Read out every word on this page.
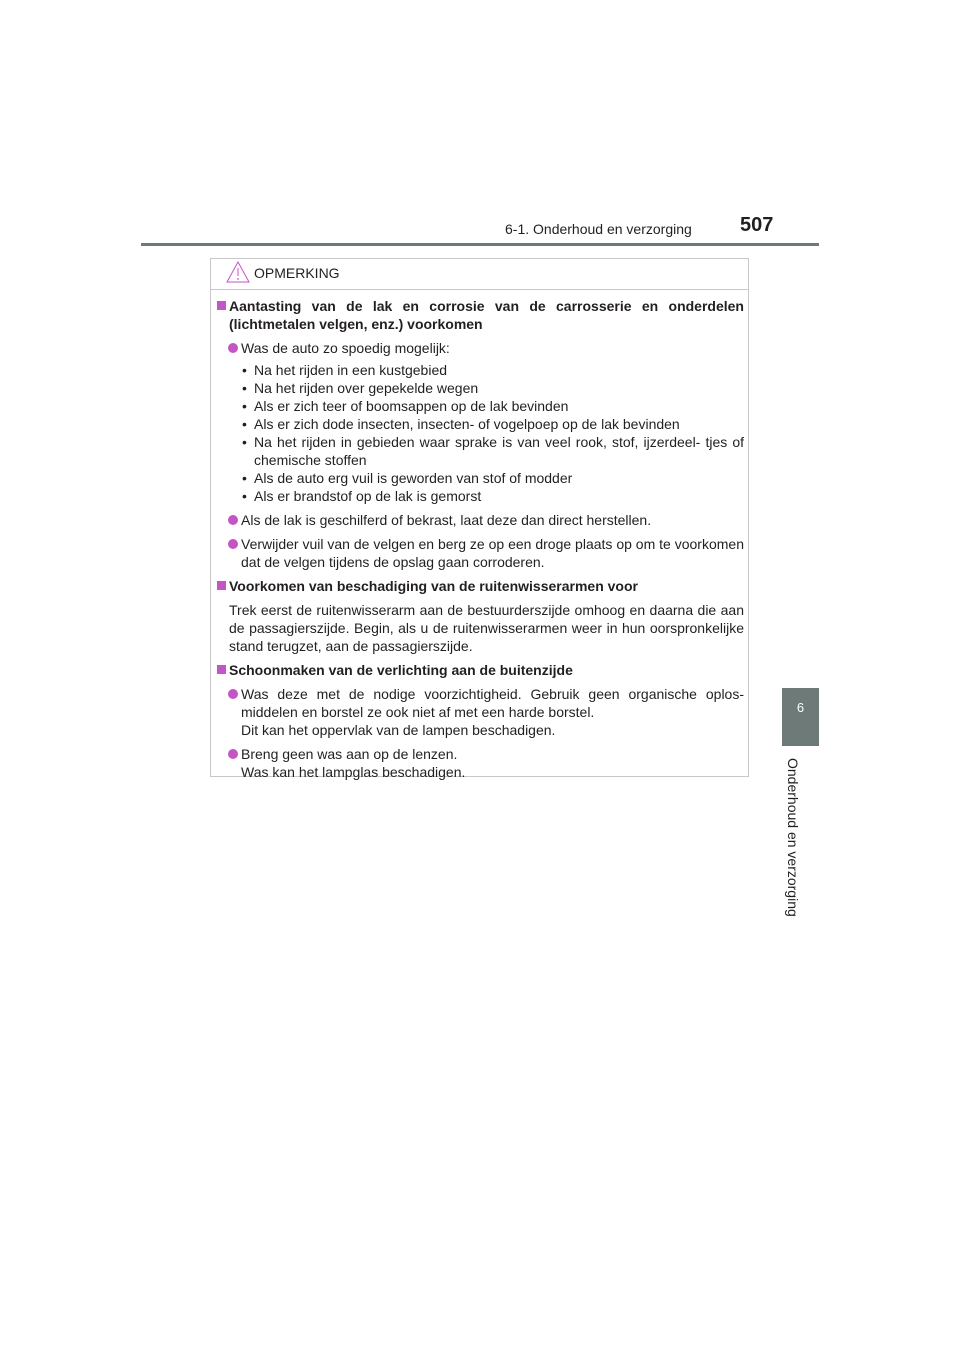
6-1. Onderhoud en verzorging 507
6
Onderhoud en verzorging
OPMERKING
Aantasting van de lak en corrosie van de carrosserie en onderdelen (lichtmetalen velgen, enz.) voorkomen
Was de auto zo spoedig mogelijk:
• Na het rijden in een kustgebied
• Na het rijden over gepekelde wegen
• Als er zich teer of boomsappen op de lak bevinden
• Als er zich dode insecten, insecten- of vogelpoep op de lak bevinden
• Na het rijden in gebieden waar sprake is van veel rook, stof, ijzerdeel- tjes of chemische stoffen
• Als de auto erg vuil is geworden van stof of modder
• Als er brandstof op de lak is gemorst
Als de lak is geschilferd of bekrast, laat deze dan direct herstellen.
Verwijder vuil van de velgen en berg ze op een droge plaats op om te voorkomen dat de velgen tijdens de opslag gaan corroderen.
Voorkomen van beschadiging van de ruitenwisserarmen voor
Trek eerst de ruitenwisserarm aan de bestuurderszijde omhoog en daarna die aan de passagierszijde. Begin, als u de ruitenwisserarmen weer in hun oorspronkelijke stand terugzet, aan de passagierszijde.
Schoonmaken van de verlichting aan de buitenzijde
Was deze met de nodige voorzichtigheid. Gebruik geen organische oplos- middelen en borstel ze ook niet af met een harde borstel.
Dit kan het oppervlak van de lampen beschadigen.
Breng geen was aan op de lenzen.
Was kan het lampglas beschadigen.
